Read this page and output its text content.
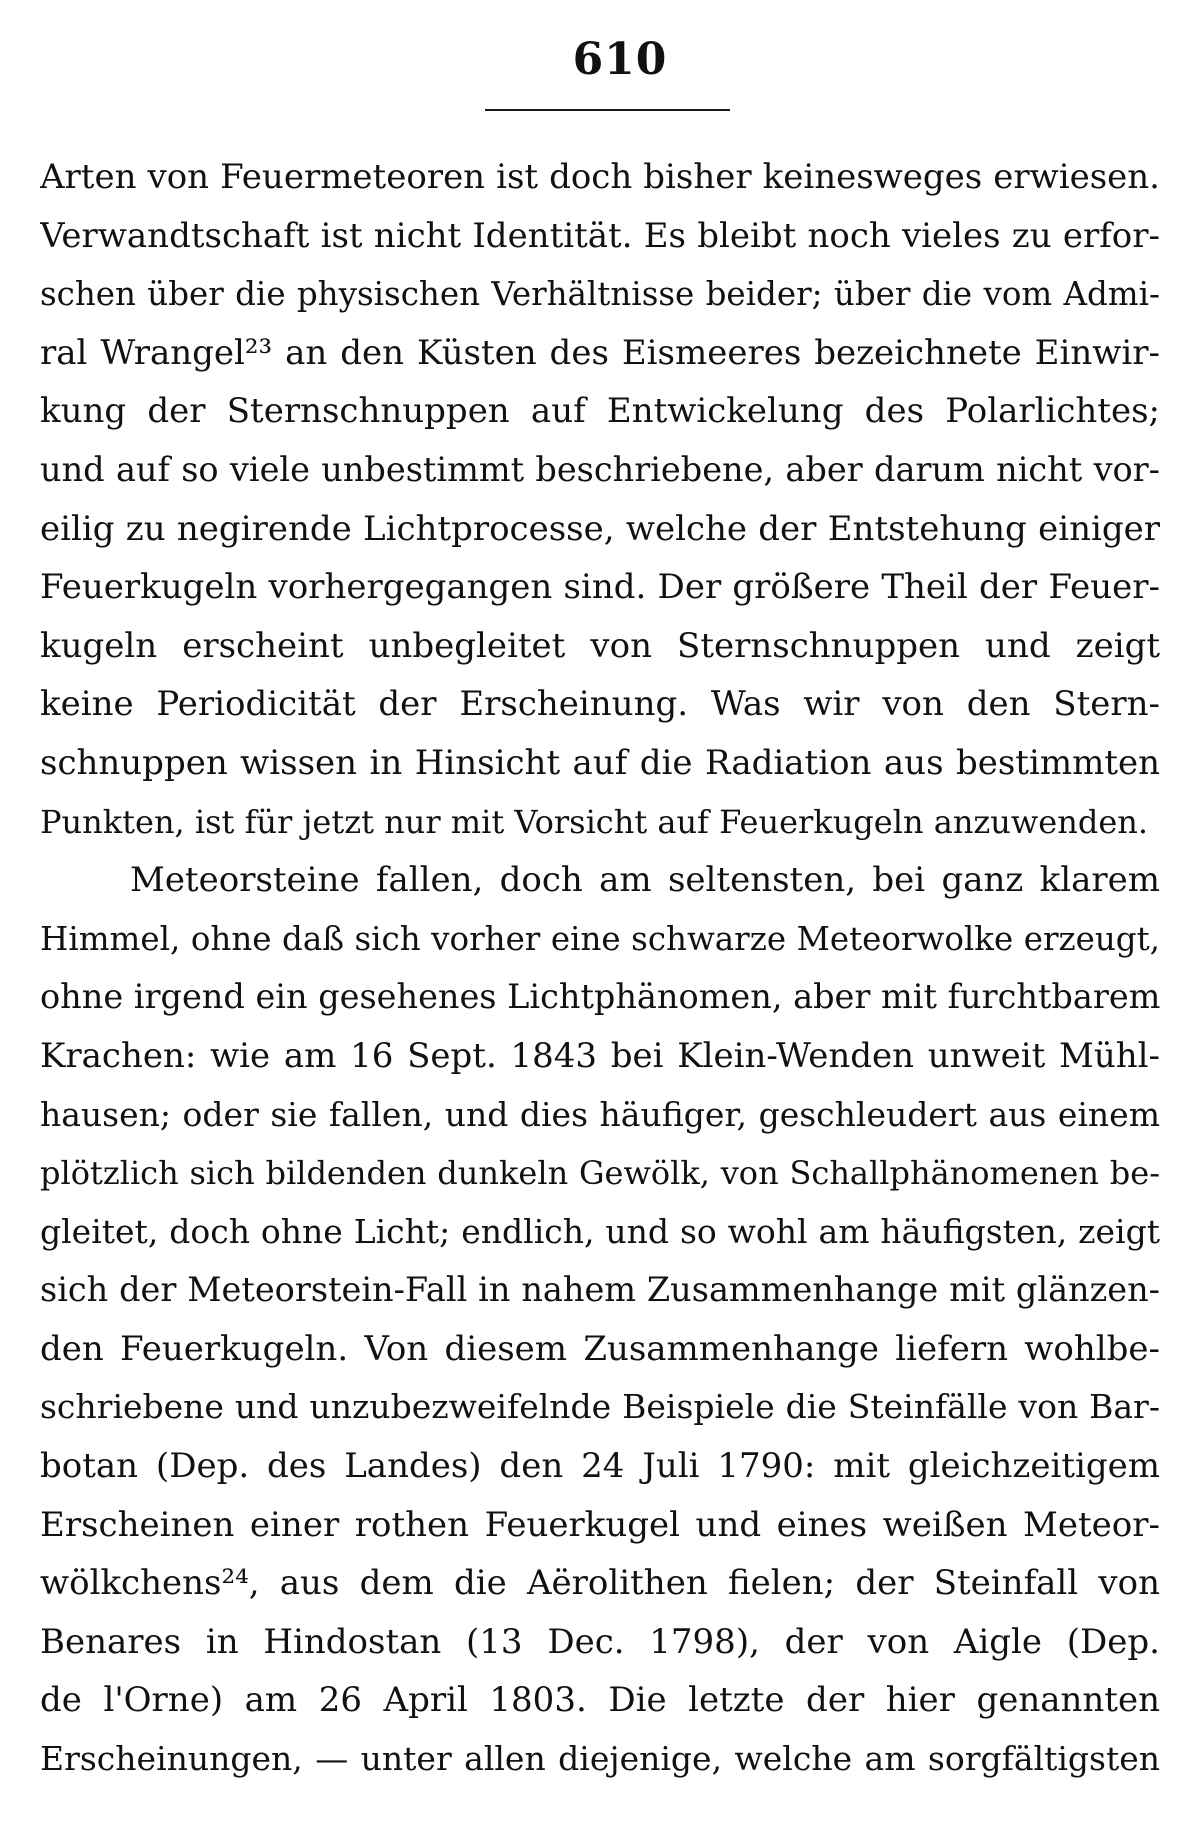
610
Arten von Feuermeteoren ist doch bisher keinesweges erwiesen.
Verwandtschaft ist nicht Identität. Es bleibt noch vieles zu erfor-
schen über die physischen Verhältnisse beider; über die vom Admi-
ral Wrangel²³ an den Küsten des Eismeeres bezeichnete Einwir-
kung der Sternschnuppen auf Entwickelung des Polarlichtes;
und auf so viele unbestimmt beschriebene, aber darum nicht vor-
eilig zu negirende Lichtprocesse, welche der Entstehung einiger
Feuerkugeln vorhergegangen sind. Der größere Theil der Feuer-
kugeln erscheint unbegleitet von Sternschnuppen und zeigt
keine Periodicität der Erscheinung. Was wir von den Stern-
schnuppen wissen in Hinsicht auf die Radiation aus bestimmten
Punkten, ist für jetzt nur mit Vorsicht auf Feuerkugeln anzuwenden.
Meteorsteine fallen, doch am seltensten, bei ganz klarem
Himmel, ohne daß sich vorher eine schwarze Meteorwolke erzeugt,
ohne irgend ein gesehenes Lichtphänomen, aber mit furchtbarem
Krachen: wie am 16 Sept. 1843 bei Klein-Wenden unweit Mühl-
hausen; oder sie fallen, und dies häufiger, geschleudert aus einem
plötzlich sich bildenden dunkeln Gewölk, von Schallphänomenen be-
gleitet, doch ohne Licht; endlich, und so wohl am häufigsten, zeigt
sich der Meteorstein-Fall in nahem Zusammenhange mit glänzen-
den Feuerkugeln. Von diesem Zusammenhange liefern wohlbe-
schriebene und unzubezweifelnde Beispiele die Steinfälle von Bar-
botan (Dep. des Landes) den 24 Juli 1790: mit gleichzeitigem
Erscheinen einer rothen Feuerkugel und eines weißen Meteor-
wölkchens²⁴, aus dem die Aërolithen fielen; der Steinfall von
Benares in Hindostan (13 Dec. 1798), der von Aigle (Dep.
de l'Orne) am 26 April 1803. Die letzte der hier genannten
Erscheinungen, — unter allen diejenige, welche am sorgfältigsten
